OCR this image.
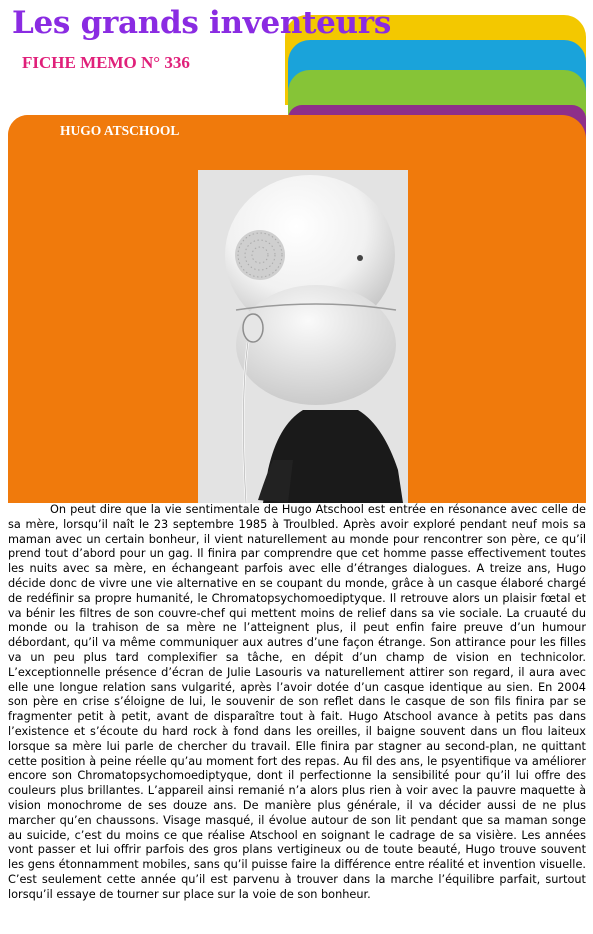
Les grands inventeurs
FICHE MEMO N° 336
HUGO ATSCHOOL

On peut dire que la vie sentimentale de Hugo Atschool est entrée en résonance avec celle de sa mère, lorsqu’il naît le 23 septembre 1985 à Troulbled. Après avoir exploré pendant neuf mois sa maman avec un certain bonheur, il vient naturellement au monde pour rencontrer son père, ce qu’il prend tout d’abord pour un gag. Il finira par comprendre que cet homme passe effectivement toutes les nuits avec sa mère, en échangeant parfois avec elle d’étranges dialogues. A treize ans, Hugo décide donc de vivre une vie alternative en se coupant du monde, grâce à un casque élaboré chargé de redéfinir sa propre humanité, le Chromatopsychomoediptyque. Il retrouve alors un plaisir fœtal et va bénir les filtres de son couvre-chef qui mettent moins de relief dans sa vie sociale. La cruauté du monde ou la trahison de sa mère ne l’atteignent plus, il peut enfin faire preuve d’un humour débordant, qu’il va même communiquer aux autres d’une façon étrange. Son attirance pour les filles va un peu plus tard complexifier sa tâche, en dépit d’un champ de vision en technicolor. L’exceptionnelle présence d’écran de Julie Lasouris va naturellement attirer son regard, il aura avec elle une longue relation sans vulgarité, après l’avoir dotée d’un casque identique au sien. En 2004 son père en crise s’éloigne de lui, le souvenir de son reflet dans le casque de son fils finira par se fragmenter petit à petit, avant de disparaître tout à fait. Hugo Atschool avance à petits pas dans l’existence et s’écoute du hard rock à fond dans les oreilles, il baigne souvent dans un flou laiteux lorsque sa mère lui parle de chercher du travail. Elle finira par stagner au second-plan, ne quittant cette position à peine réelle qu’au moment fort des repas. Au fil des ans, le psyentifique va améliorer encore son Chromatopsychomoediptyque, dont il perfectionne la sensibilité pour qu’il lui offre des couleurs plus brillantes. L’appareil ainsi remanié n’a alors plus rien à voir avec la pauvre maquette à vision monochrome de ses douze ans. De manière plus générale, il va décider aussi de ne plus marcher qu’en chaussons. Visage masqué, il évolue autour de son lit pendant que sa maman songe au suicide, c’est du moins ce que réalise Atschool en soignant le cadrage de sa visière. Les années vont passer et lui offrir parfois des gros plans vertigineux ou de toute beauté, Hugo trouve souvent les gens étonnamment mobiles, sans qu’il puisse faire la différence entre réalité et invention visuelle. C’est seulement cette année qu’il est parvenu à trouver dans la marche l’équilibre parfait, surtout lorsqu’il essaye de tourner sur place sur la voie de son bonheur.
